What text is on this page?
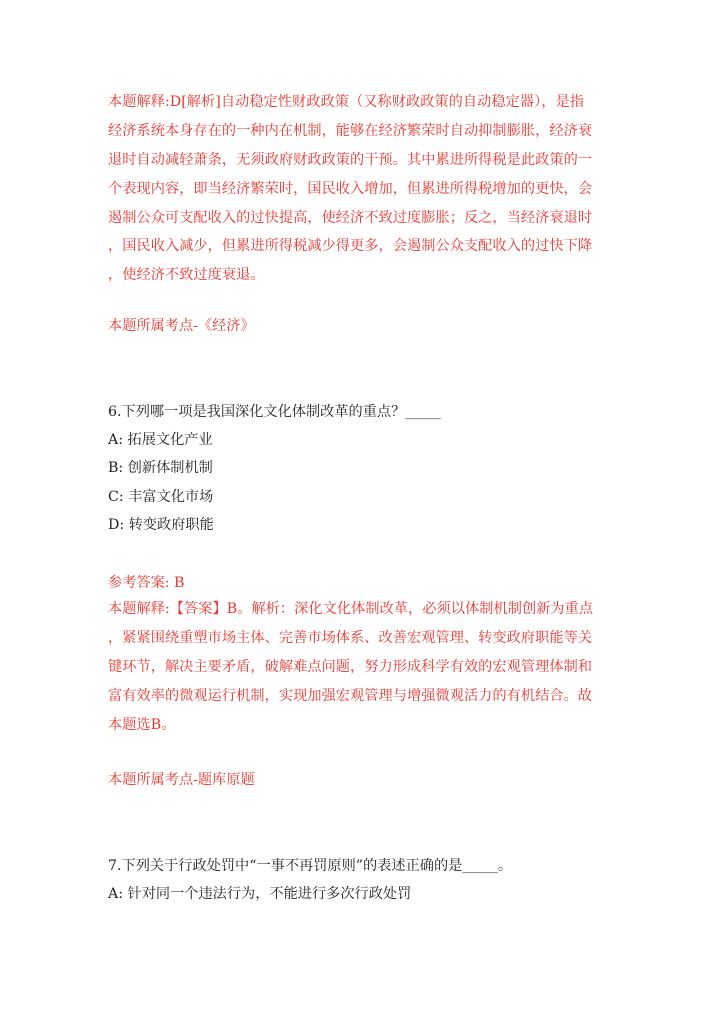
本题解释:D[解析]自动稳定性财政政策（又称财政政策的自动稳定器），是指
经济系统本身存在的一种内在机制，能够在经济繁荣时自动抑制膨胀，经济衰
退时自动减轻萧条，无须政府财政政策的干预。其中累进所得税是此政策的一
个表现内容，即当经济繁荣时，国民收入增加，但累进所得税增加的更快，会
遏制公众可支配收入的过快提高，使经济不致过度膨胀；反之，当经济衰退时
，国民收入减少，但累进所得税减少得更多，会遏制公众支配收入的过快下降
，使经济不致过度衰退。
本题所属考点-《经济》
6.下列哪一项是我国深化文化体制改革的重点？_____
A: 拓展文化产业
B: 创新体制机制
C: 丰富文化市场
D: 转变政府职能
参考答案: B
本题解释:【答案】B。解析：深化文化体制改革，必须以体制机制创新为重点
，紧紧围绕重塑市场主体、完善市场体系、改善宏观管理、转变政府职能等关
键环节，解决主要矛盾，破解难点问题，努力形成科学有效的宏观管理体制和
富有效率的微观运行机制，实现加强宏观管理与增强微观活力的有机结合。故
本题选B。
本题所属考点-题库原题
7.下列关于行政处罚中“一事不再罚原则”的表述正确的是_____。
A: 针对同一个违法行为，不能进行多次行政处罚
